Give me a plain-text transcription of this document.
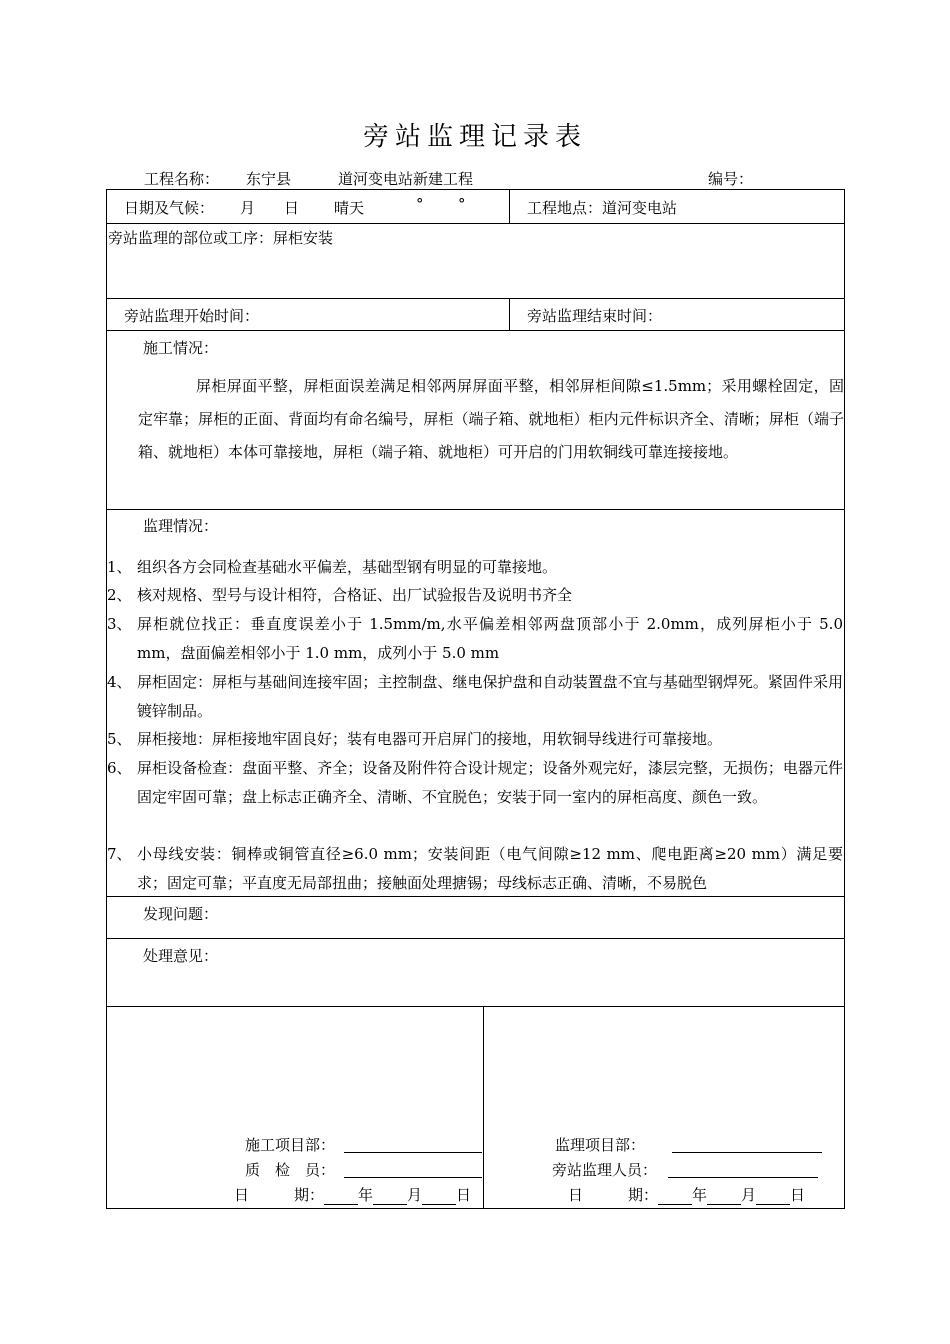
旁站监理记录表
工程名称： 东宁县	道河变电站新建工程	编号：
日期及气候： 月 日 晴天	° °	工程地点：道河变电站
旁站监理的部位或工序：屏柜安装
旁站监理开始时间：	旁站监理结束时间：
施工情况：
屏柜屏面平整，屏柜面误差满足相邻两屏屏面平整，相邻屏柜间隙≤1.5mm；采用螺栓固定，固定牢靠；屏柜的正面、背面均有命名编号，屏柜（端子箱、就地柜）柜内元件标识齐全、清晰；屏柜（端子箱、就地柜）本体可靠接地，屏柜（端子箱、就地柜）可开启的门用软铜线可靠连接接地。
监理情况：
1、 组织各方会同检查基础水平偏差，基础型钢有明显的可靠接地。
2、 核对规格、型号与设计相符，合格证、出厂试验报告及说明书齐全
3、 屏柜就位找正：垂直度误差小于 1.5mm/m,水平偏差相邻两盘顶部小于 2.0mm，成列屏柜小于 5.0 mm，盘面偏差相邻小于 1.0 mm，成列小于 5.0 mm
4、 屏柜固定：屏柜与基础间连接牢固；主控制盘、继电保护盘和自动装置盘不宜与基础型钢焊死。紧固件采用镀锌制品。
5、 屏柜接地：屏柜接地牢固良好；装有电器可开启屏门的接地，用软铜导线进行可靠接地。
6、 屏柜设备检查：盘面平整、齐全；设备及附件符合设计规定；设备外观完好，漆层完整，无损伤；电器元件固定牢固可靠；盘上标志正确齐全、清晰、不宜脱色；安装于同一室内的屏柜高度、颜色一致。
7、 小母线安装：铜棒或铜管直径≥6.0 mm；安装间距（电气间隙≥12 mm、爬电距离≥20 mm）满足要求；固定可靠；平直度无局部扭曲；接触面处理搪锡；母线标志正确、清晰，不易脱色
发现问题：
处理意见：
施工项目部：
质　检　员：
日　　　期： 年 月 日
监理项目部：
旁站监理人员：
日　　　期： 年 月 日
